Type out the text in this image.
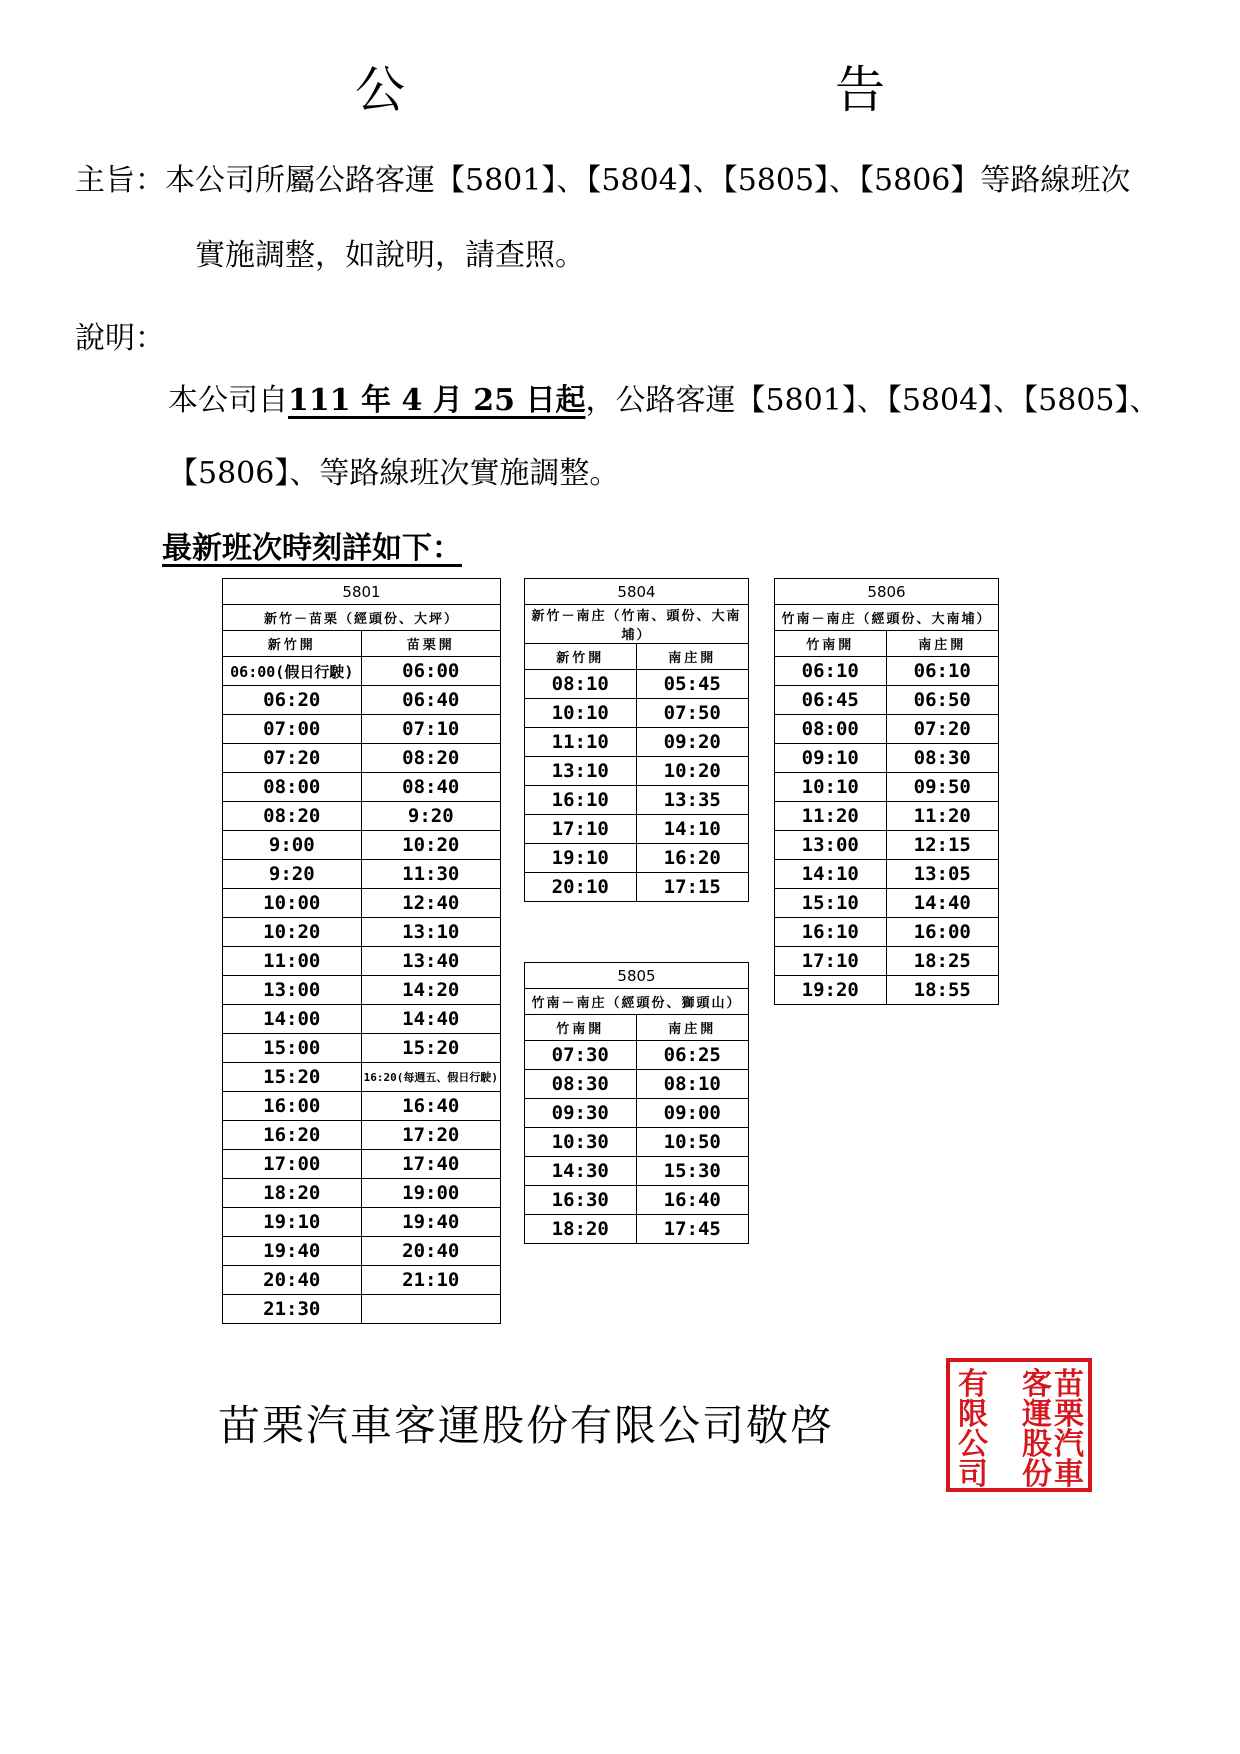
公　　告
主旨：本公司所屬公路客運【5801】、【5804】、【5805】、【5806】等路線班次
實施調整，如說明，請查照。
說明：
本公司自111 年 4 月 25 日起，公路客運【5801】、【5804】、【5805】、
【5806】、等路線班次實施調整。
最新班次時刻詳如下：
5801	
新竹－苗栗（經頭份、大坪）	
新竹開	苗栗開
06:00(假日行駛)	06:00
06:20	06:40
07:00	07:10
07:20	08:20
08:00	08:40
08:20	9:20
9:00	10:20
9:20	11:30
10:00	12:40
10:20	13:10
11:00	13:40
13:00	14:20
14:00	14:40
15:00	15:20
15:20	16:20(每週五、假日行駛)
16:00	16:40
16:20	17:20
17:00	17:40
18:20	19:00
19:10	19:40
19:40	20:40
20:40	21:10
21:30	
5804	
新竹－南庄（竹南、頭份、大南埔）	
新竹開	南庄開
08:10	05:45
10:10	07:50
11:10	09:20
13:10	10:20
16:10	13:35
17:10	14:10
19:10	16:20
20:10	17:15
5805	
竹南－南庄（經頭份、獅頭山）	
竹南開	南庄開
07:30	06:25
08:30	08:10
09:30	09:00
10:30	10:50
14:30	15:30
16:30	16:40
18:20	17:45
5806	
竹南－南庄（經頭份、大南埔）	
竹南開	南庄開
06:10	06:10
06:45	06:50
08:00	07:20
09:10	08:30
10:10	09:50
11:20	11:20
13:00	12:15
14:10	13:05
15:10	14:40
16:10	16:00
17:10	18:25
19:20	18:55
苗栗汽車客運股份有限公司敬啓
苗
栗
汽
車
客
運
股
份
有
限
公
司
